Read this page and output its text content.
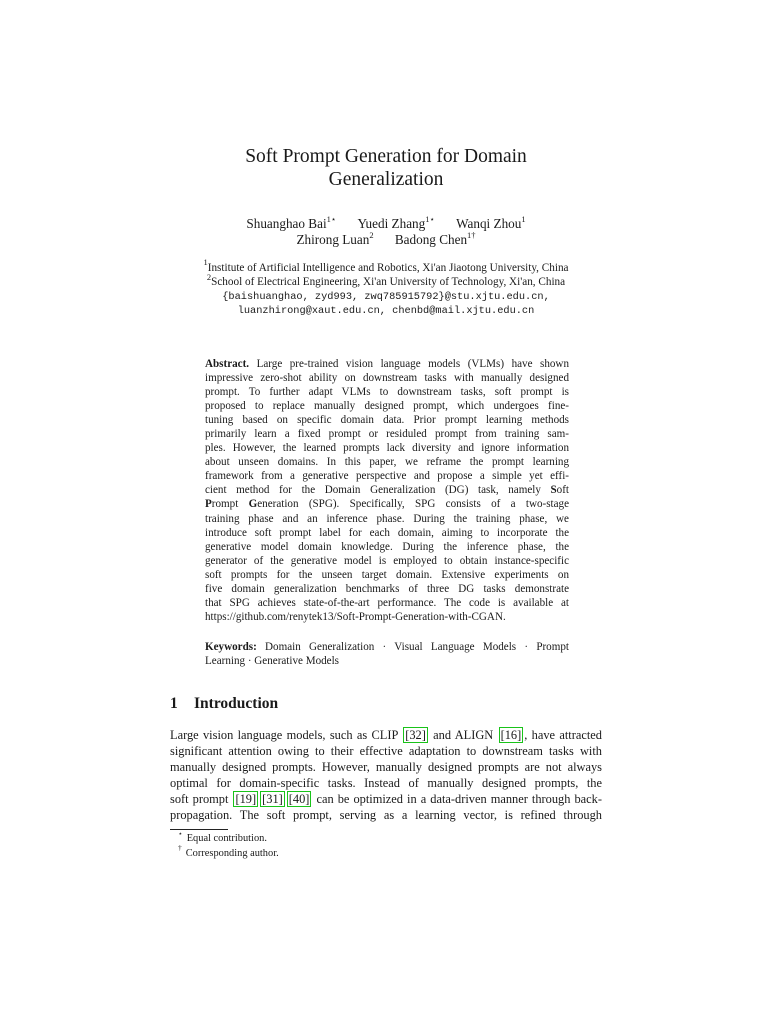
Soft Prompt Generation for Domain
Generalization
Shuanghao Bai$^{1⋆}$ Yuedi Zhang$^{1⋆}$ Wanqi Zhou$^1$
Zhirong Luan$^2$ Badong Chen$^{1\dagger}$
$^1$Institute of Artificial Intelligence and Robotics, Xi'an Jiaotong University, China
$^2$School of Electrical Engineering, Xi'an University of Technology, Xi'an, China
{baishuanghao, zyd993, zwq785915792}@stu.xjtu.edu.cn,
luanzhirong@xaut.edu.cn, chenbd@mail.xjtu.edu.cn
Abstract. Large pre-trained vision language models (VLMs) have shown
impressive zero-shot ability on downstream tasks with manually designed
prompt. To further adapt VLMs to downstream tasks, soft prompt is
proposed to replace manually designed prompt, which undergoes fine-
tuning based on specific domain data. Prior prompt learning methods
primarily learn a fixed prompt or residuled prompt from training sam-
ples. However, the learned prompts lack diversity and ignore information
about unseen domains. In this paper, we reframe the prompt learning
framework from a generative perspective and propose a simple yet effi-
cient method for the Domain Generalization (DG) task, namely Soft
Prompt Generation (SPG). Specifically, SPG consists of a two-stage
training phase and an inference phase. During the training phase, we
introduce soft prompt label for each domain, aiming to incorporate the
generative model domain knowledge. During the inference phase, the
generator of the generative model is employed to obtain instance-specific
soft prompts for the unseen target domain. Extensive experiments on
five domain generalization benchmarks of three DG tasks demonstrate
that SPG achieves state-of-the-art performance. The code is available at
https://github.com/renytek13/Soft-Prompt-Generation-with-CGAN.
Keywords: Domain Generalization · Visual Language Models · Prompt
Learning · Generative Models
1 Introduction
Large vision language models, such as CLIP [32] and ALIGN [16] , have attracted
significant attention owing to their effective adaptation to downstream tasks with
manually designed prompts. However, manually designed prompts are not always
optimal for domain-specific tasks. Instead of manually designed prompts, the
soft prompt [19] [31] [40] can be optimized in a data-driven manner through back-
propagation. The soft prompt, serving as a learning vector, is refined through
⋆ Equal contribution.
† Corresponding author.
